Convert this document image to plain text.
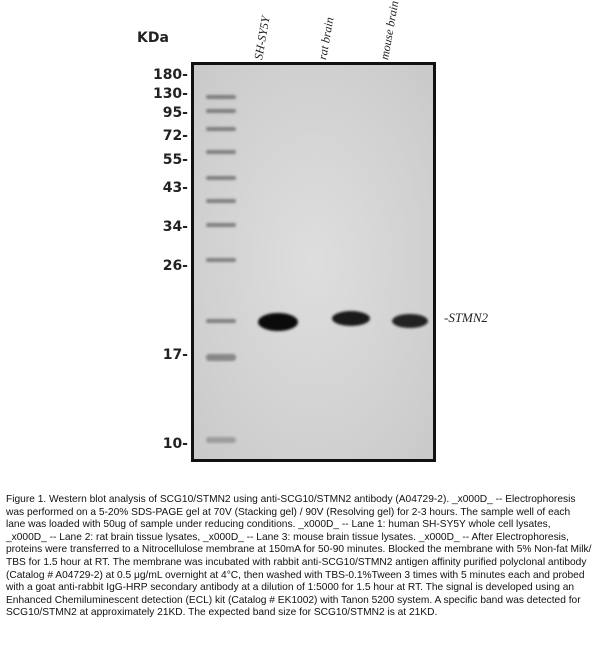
KDa	SH-SY5Y	rat brain	mouse brain
180-
130-
95-
72-
55-
43-
34-
26-
17-
10-
-STMN2
Figure 1. Western blot analysis of SCG10/STMN2 using anti-SCG10/STMN2 antibody (A04729-2). _x000D_ -- Electrophoresis was performed on a 5-20% SDS-PAGE gel at 70V (Stacking gel) / 90V (Resolving gel) for 2-3 hours. The sample well of each lane was loaded with 50ug of sample under reducing conditions. _x000D_ -- Lane 1: human SH-SY5Y whole cell lysates, _x000D_ -- Lane 2: rat brain tissue lysates, _x000D_ -- Lane 3: mouse brain tissue lysates. _x000D_ -- After Electrophoresis, proteins were transferred to a Nitrocellulose membrane at 150mA for 50-90 minutes. Blocked the membrane with 5% Non-fat Milk/ TBS for 1.5 hour at RT. The membrane was incubated with rabbit anti-SCG10/STMN2 antigen affinity purified polyclonal antibody (Catalog # A04729-2) at 0.5 μg/mL overnight at 4°C, then washed with TBS-0.1%Tween 3 times with 5 minutes each and probed with a goat anti-rabbit IgG-HRP secondary antibody at a dilution of 1:5000 for 1.5 hour at RT. The signal is developed using an Enhanced Chemiluminescent detection (ECL) kit (Catalog # EK1002) with Tanon 5200 system. A specific band was detected for SCG10/STMN2 at approximately 21KD. The expected band size for SCG10/STMN2 is at 21KD.
